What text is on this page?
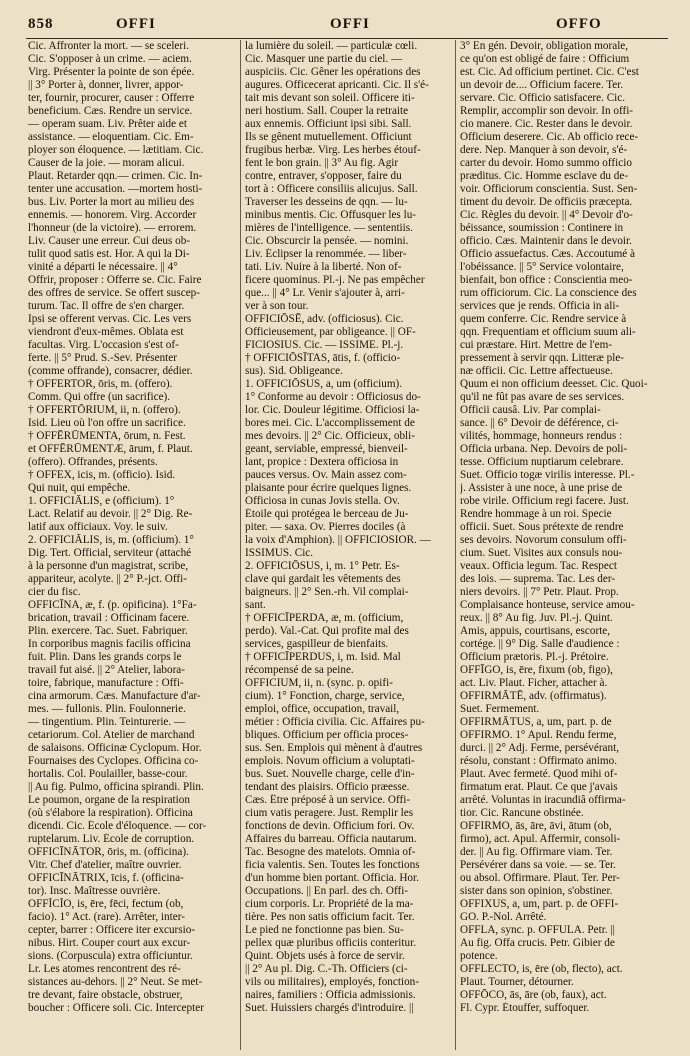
858	OFFI	OFFI	OFFO
Cic. Affronter la mort. — se sceleri.
Cic. S'opposer à un crime. — aciem.
Virg. Présenter la pointe de son épée.
|| 3° Porter à, donner, livrer, appor-
ter, fournir, procurer, causer : Offerre
beneficium. Cæs. Rendre un service.
— operam suam. Liv. Prêter aide et
assistance. — eloquentiam. Cic. Em-
ployer son éloquence. — lætitiam. Cic.
Causer de la joie. — moram alicui.
Plaut. Retarder qqn.— crimen. Cic. In-
tenter une accusation. —mortem hosti-
bus. Liv. Porter la mort au milieu des
ennemis. — honorem. Virg. Accorder
l'honneur (de la victoire). — errorem.
Liv. Causer une erreur. Cui deus ob-
tulit quod satis est. Hor. A qui la Di-
vinité a départi le nécessaire. || 4°
Offrir, proposer : Offerre se. Cic. Faire
des offres de service. Se offert suscep-
turum. Tac. Il offre de s'en charger.
Ipsi se offerent vervas. Cic. Les vers
viendront d'eux-mêmes. Oblata est
facultas. Virg. L'occasion s'est of-
ferte. || 5° Prud. S.-Sev. Présenter
(comme offrande), consacrer, dédier.
† OFFERTOR, ōris, m. (offero).
Comm. Qui offre (un sacrifice).
† OFFERTŌRIUM, ii, n. (offero).
Isid. Lieu où l'on offre un sacrifice.
† OFFĒRŪMENTA, ōrum, n. Fest.
et OFFĒRŪMENTÆ, ārum, f. Plaut.
(offero). Offrandes, présents.
† OFFEX, icis, m. (officio). Isid.
Qui nuit, qui empêche.
1. OFFICIĀLIS, e (officium). 1°
Lact. Relatif au devoir. || 2° Dig. Re-
latif aux officiaux. Voy. le suiv.
2. OFFICIĀLIS, is, m. (officium). 1°
Dig. Tert. Official, serviteur (attaché
à la personne d'un magistrat, scribe,
appariteur, acolyte. || 2° P.-jct. Offi-
cier du fisc.
OFFICĪNA, æ, f. (p. opificina). 1°Fa-
brication, travail : Officinam facere.
Plin. exercere. Tac. Suet. Fabriquer.
In corporibus magnis facilis officina
fuit. Plin. Dans les grands corps le
travail fut aisé. || 2° Atelier, labora-
toire, fabrique, manufacture : Offi-
cina armorum. Cæs. Manufacture d'ar-
mes. — fullonis. Plin. Foulonnerie.
— tingentium. Plin. Teinturerie. —
cetariorum. Col. Atelier de marchand
de salaisons. Officinæ Cyclopum. Hor.
Fournaises des Cyclopes. Officina co-
hortalis. Col. Poulailler, basse-cour.
|| Au fig. Pulmo, officina spirandi. Plin.
Le poumon, organe de la respiration
(où s'élabore la respiration). Officina
dicendi. Cic. École d'éloquence. — cor-
ruptelarum. Liv. École de corruption.
OFFICĪNĀTOR, ōris, m. (officina).
Vitr. Chef d'atelier, maître ouvrier.
OFFICĪNĀTRIX, īcis, f. (officina-
tor). Insc. Maîtresse ouvrière.
OFFĬCĬO, is, ēre, fēci, fectum (ob,
facio). 1° Act. (rare). Arrêter, inter-
cepter, barrer : Officere iter excursio-
nibus. Hirt. Couper court aux excur-
sions. (Corpuscula) extra officiuntur.
Lr. Les atomes rencontrent des ré-
sistances au-dehors. || 2° Neut. Se met-
tre devant, faire obstacle, obstruer,
boucher : Officere soli. Cic. Intercepter
la lumière du soleil. — particulæ cœli.
Cic. Masquer une partie du ciel. —
auspiciis. Cic. Gêner les opérations des
augures. Officecerat apricanti. Cic. Il s'é-
tait mis devant son soleil. Officere iti-
neri hostium. Sall. Couper la retraite
aux ennemis. Officiunt ipsi sibi. Sall.
Ils se gênent mutuellement. Officiunt
frugibus herbæ. Virg. Les herbes étouf-
fent le bon grain. || 3° Au fig. Agir
contre, entraver, s'opposer, faire du
tort à : Officere consiliis alicujus. Sall.
Traverser les desseins de qqn. — lu-
minibus mentis. Cic. Offusquer les lu-
mières de l'intelligence. — sententiis.
Cic. Obscurcir la pensée. — nomini.
Liv. Éclipser la renommée. — liber-
tati. Liv. Nuire à la liberté. Non of-
ficere quominus. Pl.-j. Ne pas empêcher
que... || 4° Lr. Venir s'ajouter à, arri-
ver à son tour.
OFFICIŌSĒ, adv. (officiosus). Cic.
Officieusement, par obligeance. || OF-
FICIOSIUS. Cic. — ISSIME. Pl.-j.
† OFFICIŌSĪTAS, ātis, f. (officio-
sus). Sid. Obligeance.
1. OFFICIŌSUS, a, um (officium).
1° Conforme au devoir : Officiosus do-
lor. Cic. Douleur légitime. Officiosi la-
bores mei. Cic. L'accomplissement de
mes devoirs. || 2° Cic. Officieux, obli-
geant, serviable, empressé, bienveil-
lant, propice : Dextera officiosa in
pauces versus. Ov. Main assez com-
plaisante pour écrire quelques lignes.
Officiosa in cunas Jovis stella. Ov.
Étoile qui protégea le berceau de Ju-
piter. — saxa. Ov. Pierres dociles (à
la voix d'Amphion). || OFFICIOSIOR. —
ISSIMUS. Cic.
2. OFFICIŌSUS, i, m. 1° Petr. Es-
clave qui gardait les vêtements des
baigneurs. || 2° Sen.-rh. Vil complai-
sant.
† OFFICĪPERDA, æ, m. (officium,
perdo). Val.-Cat. Qui profite mal des
services, gaspilleur de bienfaits.
† OFFICĪPERDUS, i, m. Isid. Mal
récompensé de sa peine.
OFFICIUM, ii, n. (sync. p. opifi-
cium). 1° Fonction, charge, service,
emploi, office, occupation, travail,
métier : Officia civilia. Cic. Affaires pu-
bliques. Officium per officia proces-
sus. Sen. Emplois qui mènent à d'autres
emplois. Novum officium a voluptati-
bus. Suet. Nouvelle charge, celle d'in-
tendant des plaisirs. Officio præesse.
Cæs. Être préposé à un service. Offi-
cium vatis peragere. Just. Remplir les
fonctions de devin. Officium fori. Ov.
Affaires du barreau. Officia nautarum.
Tac. Besogne des matelots. Omnia of-
ficia valentis. Sen. Toutes les fonctions
d'un homme bien portant. Officia. Hor.
Occupations. || En parl. des ch. Offi-
cium corporis. Lr. Propriété de la ma-
tière. Pes non satis officium facit. Ter.
Le pied ne fonctionne pas bien. Su-
pellex quæ pluribus officiis conteritur.
Quint. Objets usés à force de servir.
|| 2° Au pl. Dig. C.-Th. Officiers (ci-
vils ou militaires), employés, fonction-
naires, familiers : Officia admissionis.
Suet. Huissiers chargés d'introduire. ||
3° En gén. Devoir, obligation morale,
ce qu'on est obligé de faire : Officium
est. Cic. Ad officium pertinet. Cic. C'est
un devoir de.... Officium facere. Ter.
servare. Cic. Officio satisfacere. Cic.
Remplir, accomplir son devoir. In offi-
cio manere. Cic. Rester dans le devoir.
Officium deserere. Cic. Ab officio rece-
dere. Nep. Manquer à son devoir, s'é-
carter du devoir. Homo summo officio
præditus. Cic. Homme esclave du de-
voir. Officiorum conscientia. Sust. Sen-
timent du devoir. De officiis præcepta.
Cic. Règles du devoir. || 4° Devoir d'o-
béissance, soumission : Continere in
officio. Cæs. Maintenir dans le devoir.
Officio assuefactus. Cæs. Accoutumé à
l'obéissance. || 5° Service volontaire,
bienfait, bon office : Conscientia meo-
rum officiorum. Cic. La conscience des
services que je rends. Officia in ali-
quem conferre. Cic. Rendre service à
qqn. Frequentiam et officium suum ali-
cui præstare. Hirt. Mettre de l'em-
pressement à servir qqn. Litteræ ple-
næ officii. Cic. Lettre affectueuse.
Quum ei non officium deesset. Cic. Quoi-
qu'il ne fût pas avare de ses services.
Officii causâ. Liv. Par complai-
sance. || 6° Devoir de déférence, ci-
vilités, hommage, honneurs rendus :
Officia urbana. Nep. Devoirs de poli-
tesse. Officium nuptiarum celebrare.
Suet. Officio togæ virilis interesse. Pl.-
j. Assister à une noce, à une prise de
robe virile. Officium regi facere. Just.
Rendre hommage à un roi. Specie
officii. Suet. Sous prétexte de rendre
ses devoirs. Novorum consulum offi-
cium. Suet. Visites aux consuls nou-
veaux. Officia legum. Tac. Respect
des lois. — suprema. Tac. Les der-
niers devoirs. || 7° Petr. Plaut. Prop.
Complaisance honteuse, service amou-
reux. || 8° Au fig. Juv. Pl.-j. Quint.
Amis, appuis, courtisans, escorte,
cortége. || 9° Dig. Salle d'audience :
Officium prætoris. Pl.-j. Prétoire.
OFFĪGO, is, ēre, fixum (ob, figo),
act. Liv. Plaut. Ficher, attacher à.
OFFIRMĀTĒ, adv. (offirmatus).
Suet. Fermement.
OFFIRMĀTUS, a, um, part. p. de
OFFIRMO. 1° Apul. Rendu ferme,
durci. || 2° Adj. Ferme, persévérant,
résolu, constant : Offirmato animo.
Plaut. Avec fermeté. Quod mihi of-
firmatum erat. Plaut. Ce que j'avais
arrêté. Voluntas in iracundiâ offirma-
tior. Cic. Rancune obstinée.
OFFIRMO, ās, āre, āvi, ātum (ob,
firmo), act. Apul. Affermir, consoli-
der. || Au fig. Offirmare viam. Ter.
Persévérer dans sa voie. — se. Ter.
ou absol. Offirmare. Plaut. Ter. Per-
sister dans son opinion, s'obstiner.
OFFIXUS, a, um, part. p. de OFFI-
GO. P.-Nol. Arrêté.
OFFLA, sync. p. OFFULA. Petr. ||
Au fig. Offa crucis. Petr. Gibier de
potence.
OFFLECTO, is, ēre (ob, flecto), act.
Plaut. Tourner, détourner.
OFFŌCO, ās, āre (ob, faux), act.
Fl. Cypr. Étouffer, suffoquer.
